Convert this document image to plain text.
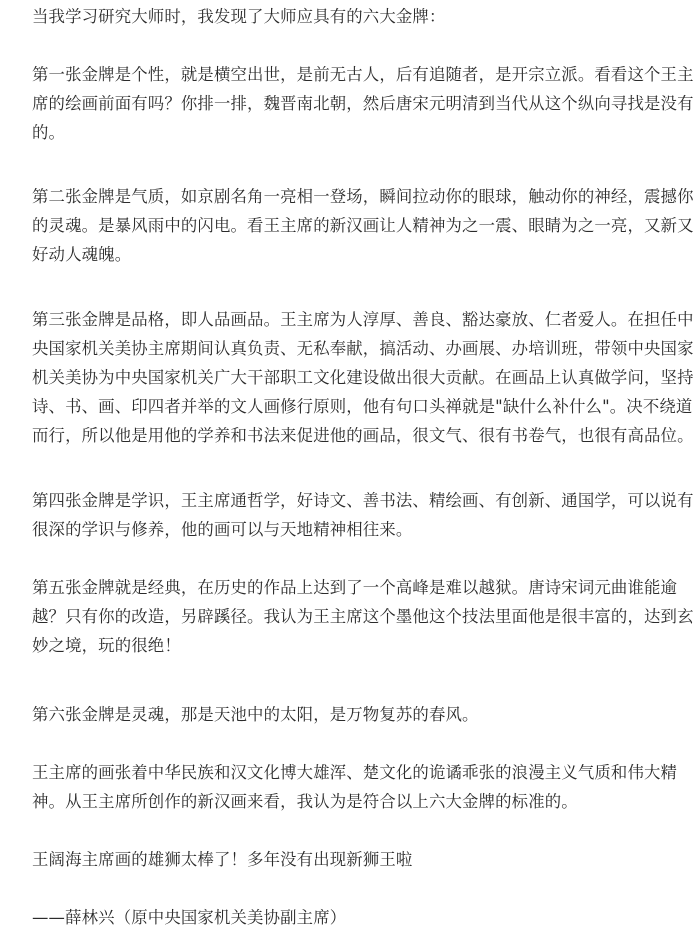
当我学习研究大师时，我发现了大师应具有的六大金牌：

第一张金牌是个性，就是横空出世，是前无古人，后有追随者，是开宗立派。看看这个王主
席的绘画前面有吗？你排一排，魏晋南北朝，然后唐宋元明清到当代从这个纵向寻找是没有
的。

第二张金牌是气质，如京剧名角一亮相一登场，瞬间拉动你的眼球，触动你的神经，震撼你
的灵魂。是暴风雨中的闪电。看王主席的新汉画让人精神为之一震、眼睛为之一亮，又新又
好动人魂魄。

第三张金牌是品格，即人品画品。王主席为人淳厚、善良、豁达豪放、仁者爱人。在担任中
央国家机关美协主席期间认真负责、无私奉献，搞活动、办画展、办培训班，带领中央国家
机关美协为中央国家机关广大干部职工文化建设做出很大贡献。在画品上认真做学问，坚持
诗、书、画、印四者并举的文人画修行原则，他有句口头禅就是"缺什么补什么"。决不绕道
而行，所以他是用他的学养和书法来促进他的画品，很文气、很有书卷气，也很有高品位。

第四张金牌是学识，王主席通哲学，好诗文、善书法、精绘画、有创新、通国学，可以说有
很深的学识与修养，他的画可以与天地精神相往来。

第五张金牌就是经典，在历史的作品上达到了一个高峰是难以越狱。唐诗宋词元曲谁能逾
越？只有你的改造，另辟蹊径。我认为王主席这个墨他这个技法里面他是很丰富的，达到玄
妙之境，玩的很绝！

第六张金牌是灵魂，那是天池中的太阳，是万物复苏的春风。

王主席的画张着中华民族和汉文化博大雄浑、楚文化的诡谲乖张的浪漫主义气质和伟大精
神。从王主席所创作的新汉画来看，我认为是符合以上六大金牌的标准的。

王阔海主席画的雄狮太棒了！多年没有出现新狮王啦

——薛林兴（原中央国家机关美协副主席）
